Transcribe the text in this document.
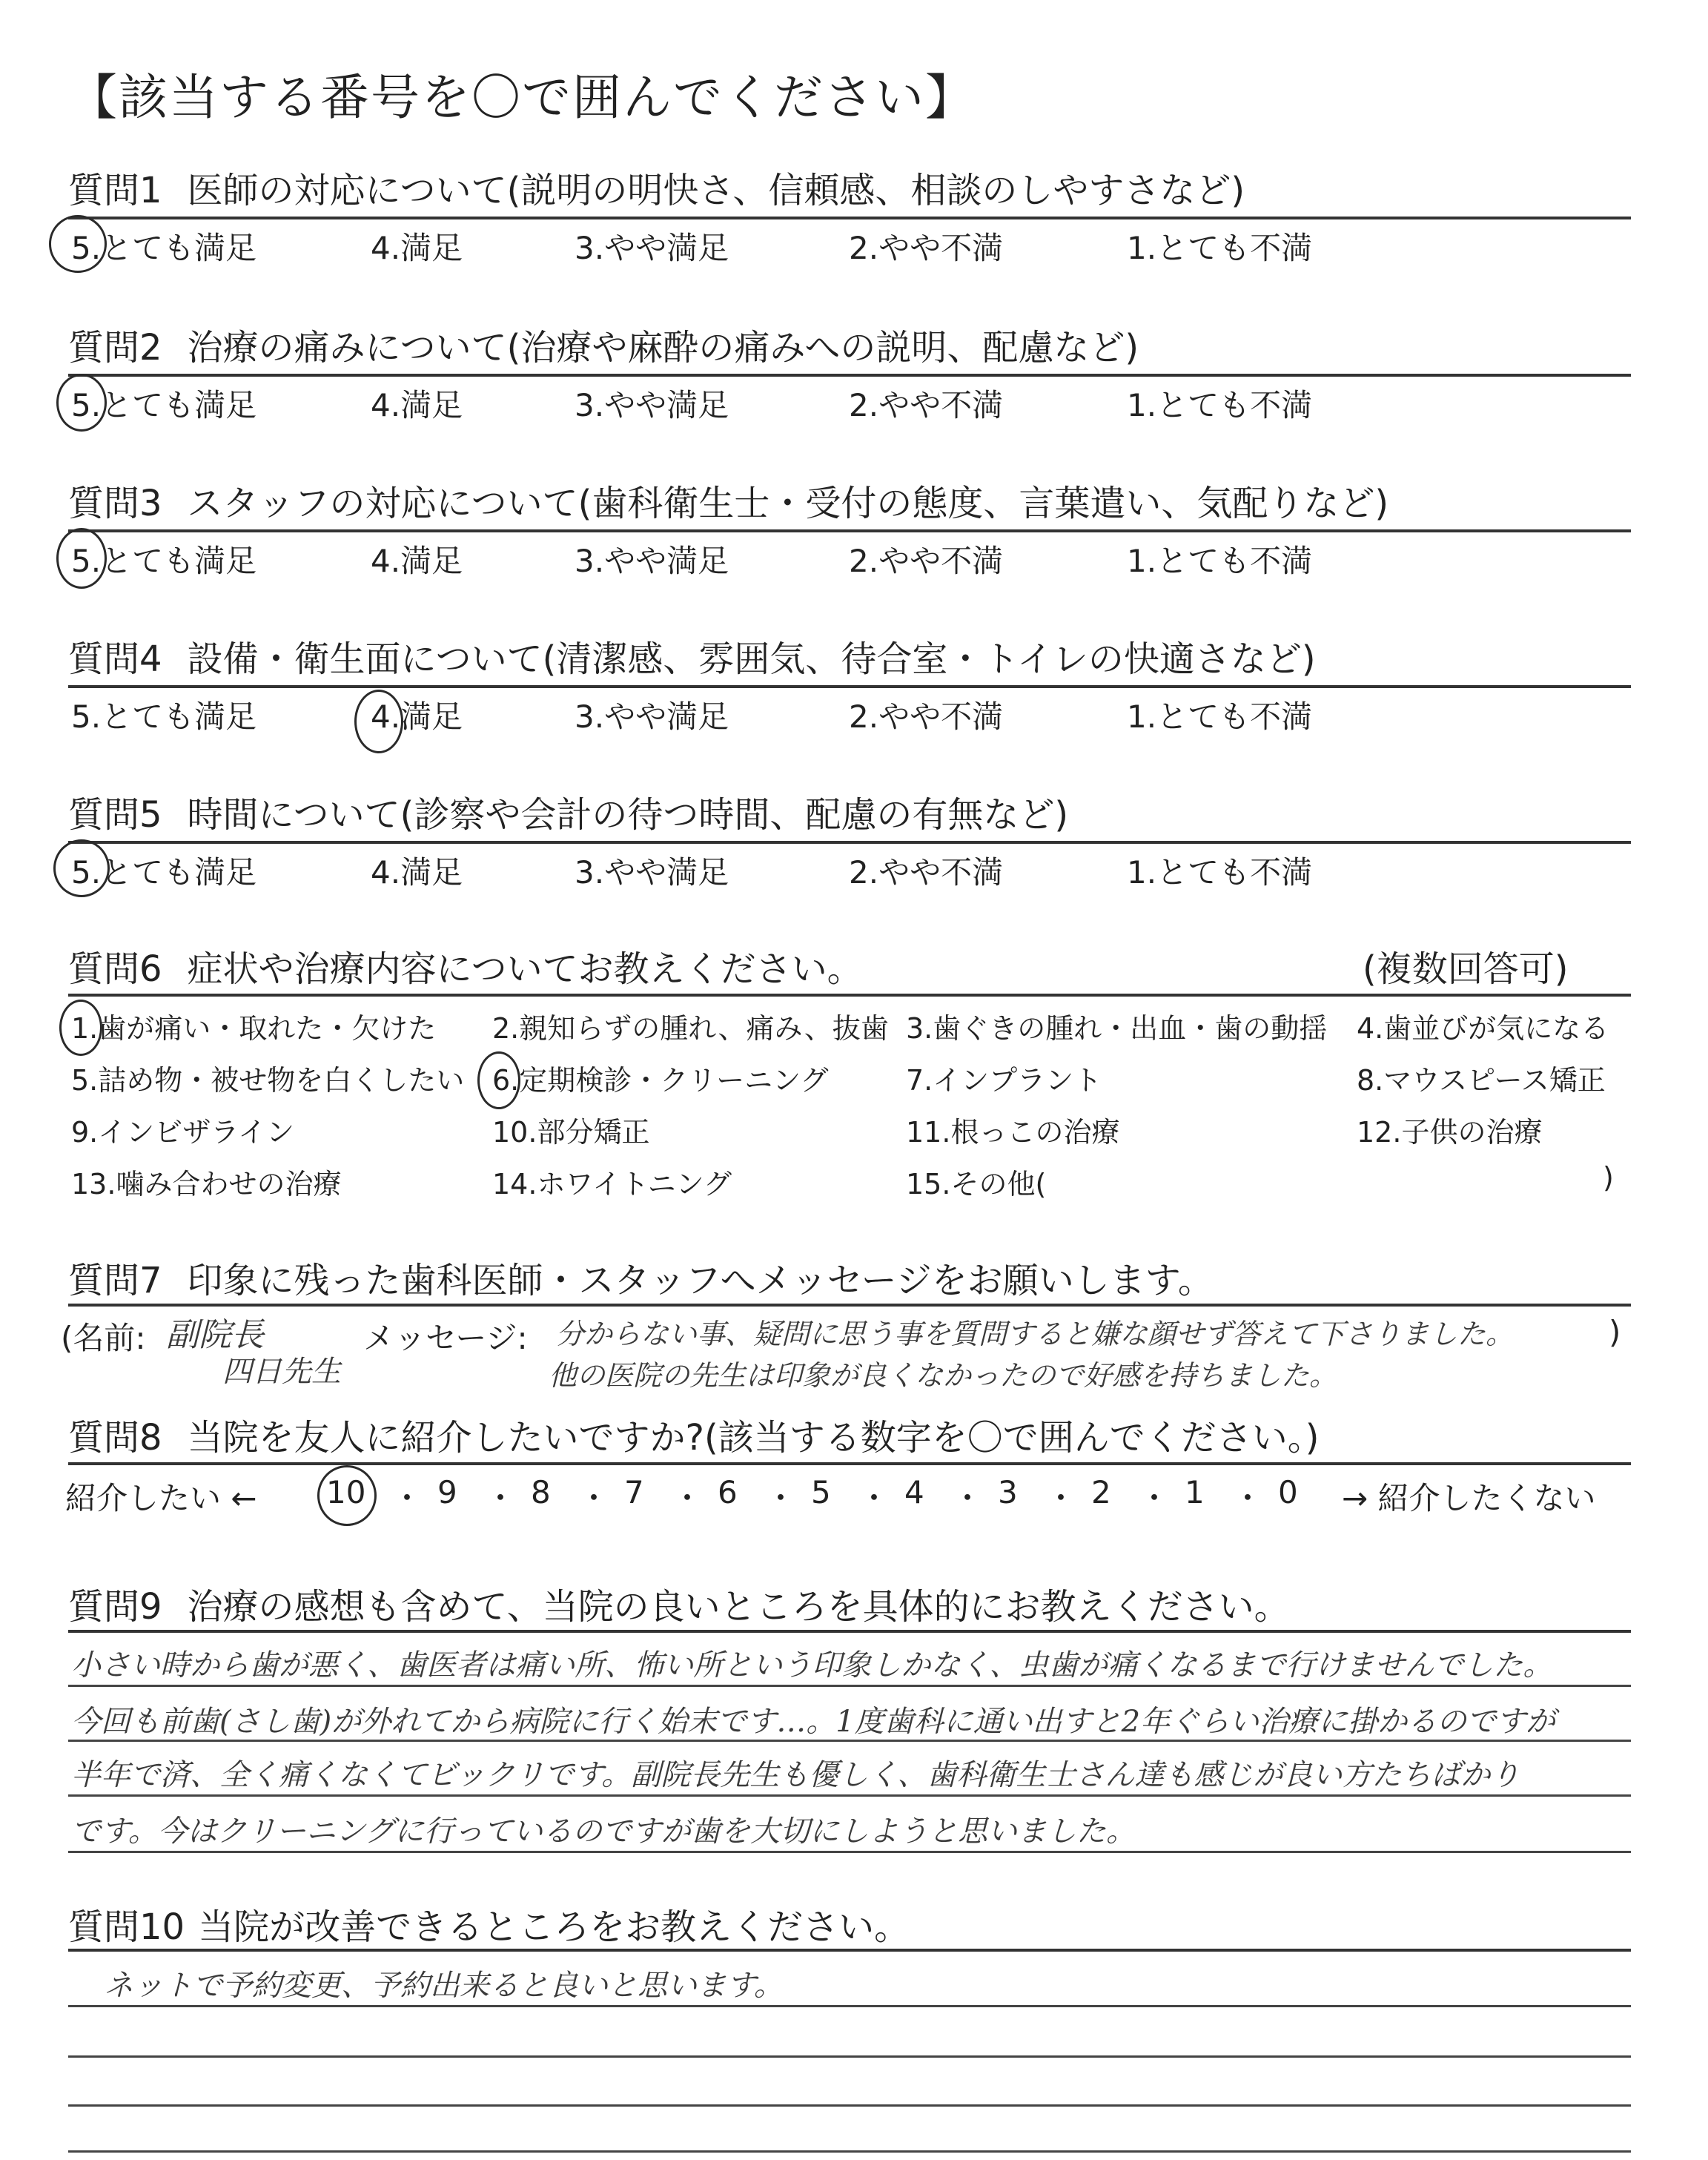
【該当する番号を〇で囲んでください】
質問1 医師の対応について(説明の明快さ、信頼感、相談のしやすさなど)
5.とても満足	4.満足	3.やや満足	2.やや不満	1.とても不満
質問2 治療の痛みについて(治療や麻酔の痛みへの説明、配慮など)
5.とても満足	4.満足	3.やや満足	2.やや不満	1.とても不満
質問3 スタッフの対応について(歯科衛生士・受付の態度、言葉遣い、気配りなど)
5.とても満足	4.満足	3.やや満足	2.やや不満	1.とても不満
質問4 設備・衛生面について(清潔感、雰囲気、待合室・トイレの快適さなど)
5.とても満足	4.満足	3.やや満足	2.やや不満	1.とても不満
質問5 時間について(診察や会計の待つ時間、配慮の有無など)
5.とても満足	4.満足	3.やや満足	2.やや不満	1.とても不満
質問6 症状や治療内容についてお教えください。	(複数回答可)
1.歯が痛い・取れた・欠けた 2.親知らずの腫れ、痛み、抜歯 3.歯ぐきの腫れ・出血・歯の動揺 4.歯並びが気になる
5.詰め物・被せ物を白くしたい 6.定期検診・クリーニング	7.インプラント	8.マウスピース矯正
9.インビザライン	10.部分矯正	11.根っこの治療	12.子供の治療
13.噛み合わせの治療	14.ホワイトニング	15.その他(	)
質問7 印象に残った歯科医師・スタッフへメッセージをお願いします。
(名前: 副院長
四日先生
メッセージ: 分からない事、疑問に思う事を質問すると嫌な顔せず答えて下さりました。
他の医院の先生は印象が良くなかったので好感を持ちました。
)
質問8 当院を友人に紹介したいですか?(該当する数字を〇で囲んでください。)
紹介したい ←	→ 紹介したくない
10 ・ 9 ・ 8 ・ 7 ・ 6 ・ 5 ・ 4 ・ 3 ・ 2 ・ 1 ・ 0
質問9 治療の感想も含めて、当院の良いところを具体的にお教えください。
小さい時から歯が悪く、歯医者は痛い所、怖い所という印象しかなく、虫歯が痛くなるまで行けませんでした。
今回も前歯(さし歯)が外れてから病院に行く始末です…。1度歯科に通い出すと2年ぐらい治療に掛かるのですが
半年で済、全く痛くなくてビックリです。副院長先生も優しく、歯科衛生士さん達も感じが良い方たちばかり
です。今はクリーニングに行っているのですが歯を大切にしようと思いました。
質問10 当院が改善できるところをお教えください。
ネットで予約変更、予約出来ると良いと思います。
